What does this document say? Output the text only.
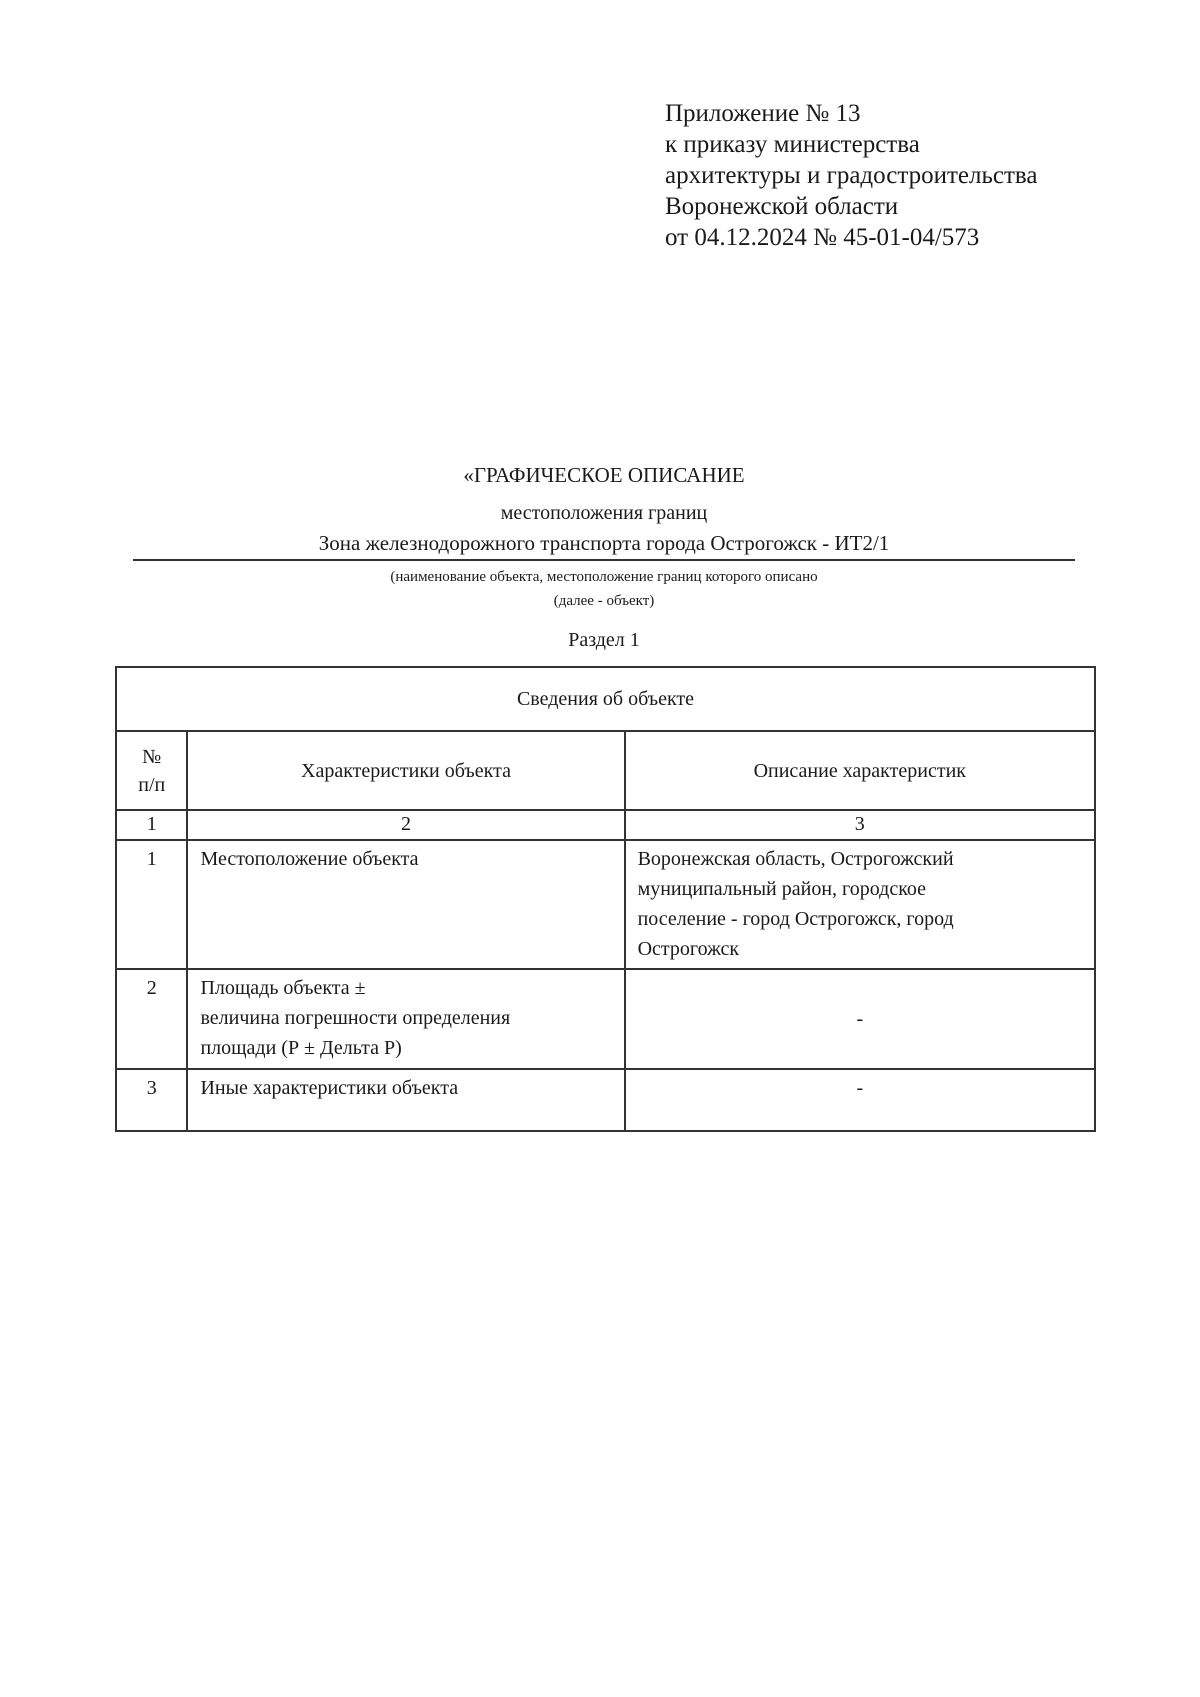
Приложение № 13
к приказу министерства
архитектуры и градостроительства
Воронежской области
от 04.12.2024 № 45-01-04/573
«ГРАФИЧЕСКОЕ ОПИСАНИЕ
местоположения границ
Зона железнодорожного транспорта города Острогожск - ИТ2/1
(наименование объекта, местоположение границ которого описано
(далее - объект)
Раздел 1
Сведения об объекте		

№
п/п	Характеристики объекта	Описание характеристик
1	2	3
1	Местоположение объекта	Воронежская область, Острогожский
муниципальный район, городское
поселение - город Острогожск, город
Острогожск

2	Площадь объекта ±
величина погрешности определения
площади (Р ± Дельта Р)	-
3	Иные характеристики объекта	-
